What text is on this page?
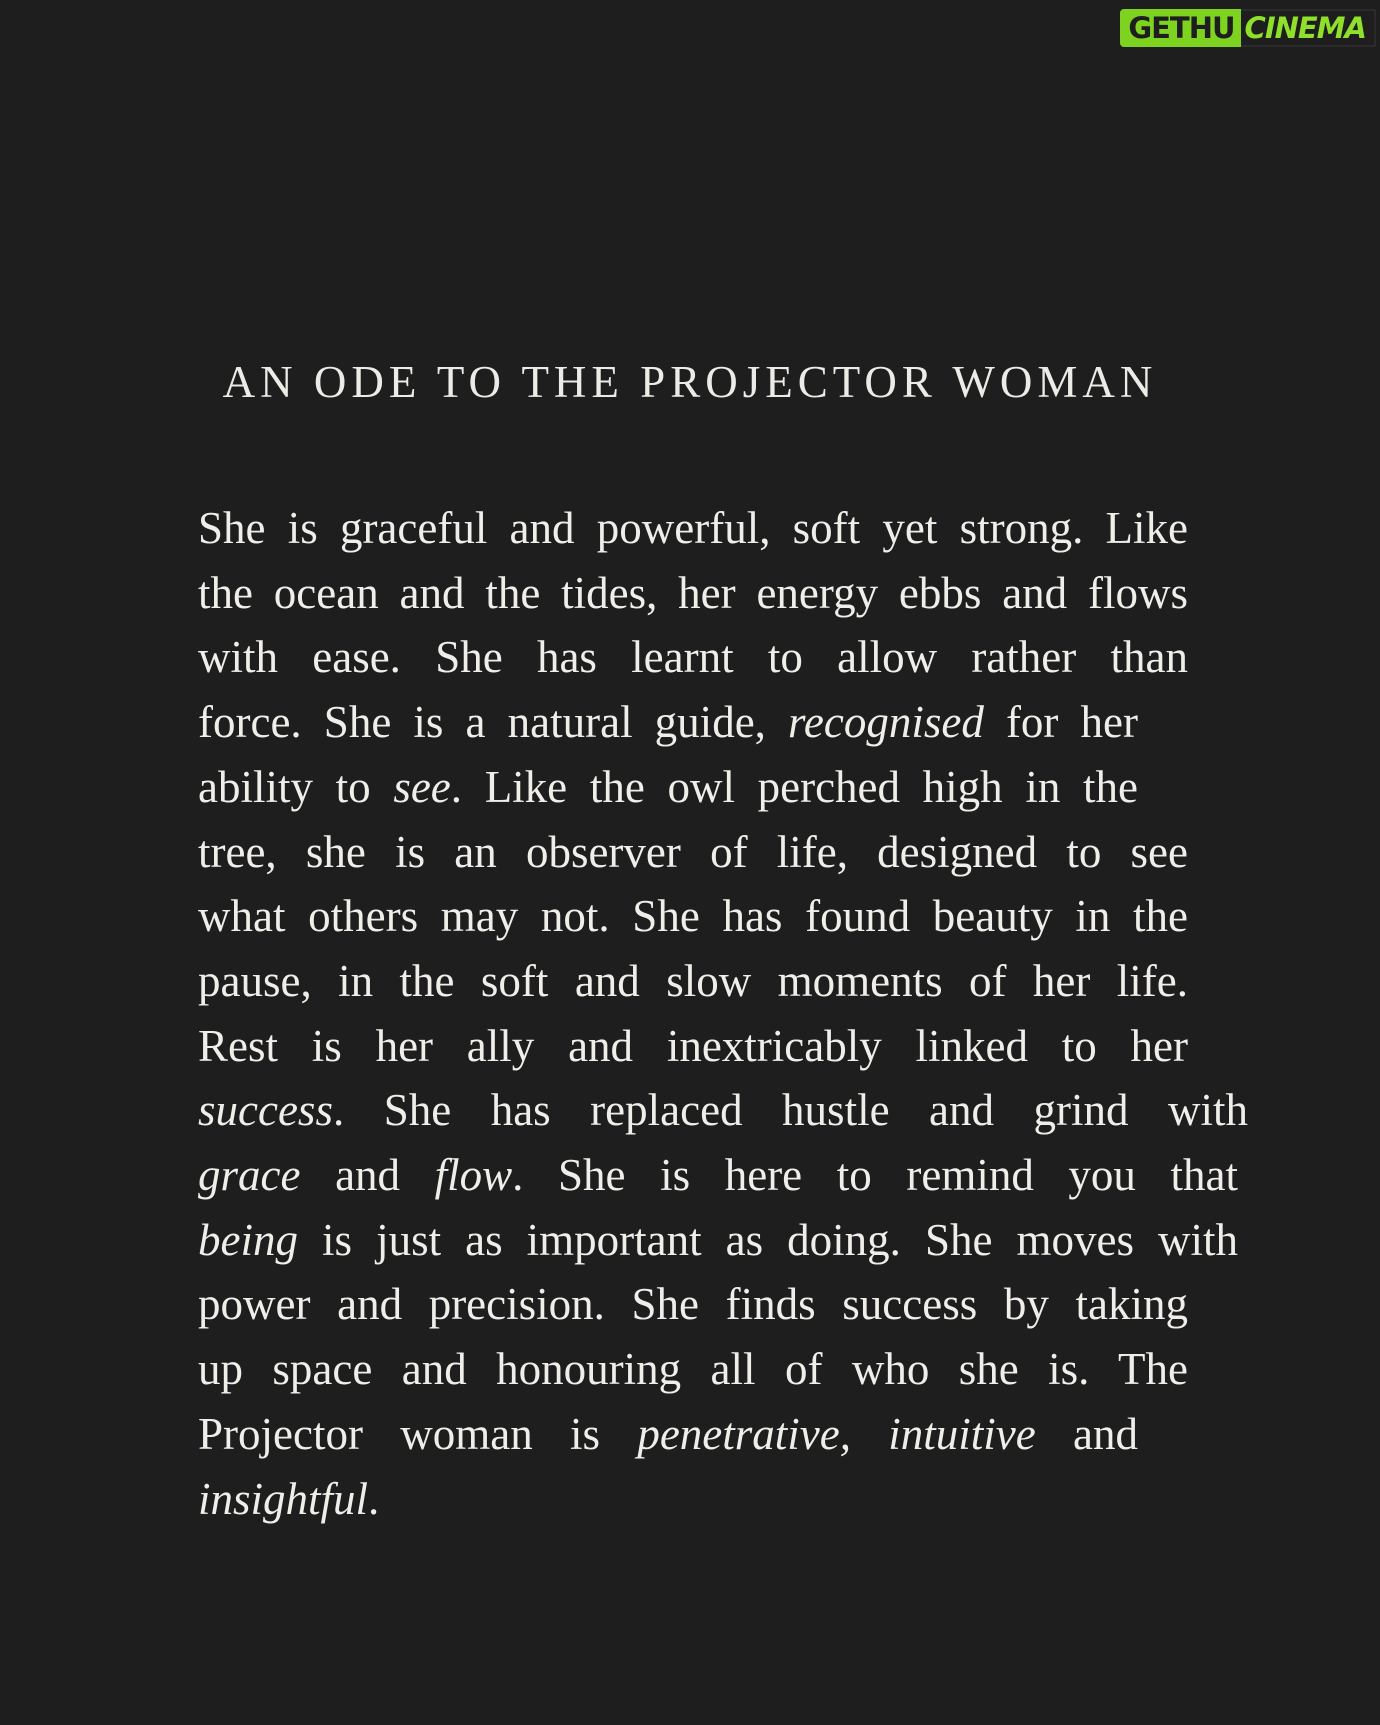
GETHU CINEMA
AN ODE TO THE PROJECTOR WOMAN
She is graceful and powerful, soft yet strong. Like
the ocean and the tides, her energy ebbs and flows
with ease. She has learnt to allow rather than
force. She is a natural guide, recognised for her
ability to see. Like the owl perched high in the
tree, she is an observer of life, designed to see
what others may not. She has found beauty in the
pause, in the soft and slow moments of her life.
Rest is her ally and inextricably linked to her
success. She has replaced hustle and grind with
grace and flow. She is here to remind you that
being is just as important as doing. She moves with
power and precision. She finds success by taking
up space and honouring all of who she is. The
Projector woman is penetrative, intuitive and
insightful.
